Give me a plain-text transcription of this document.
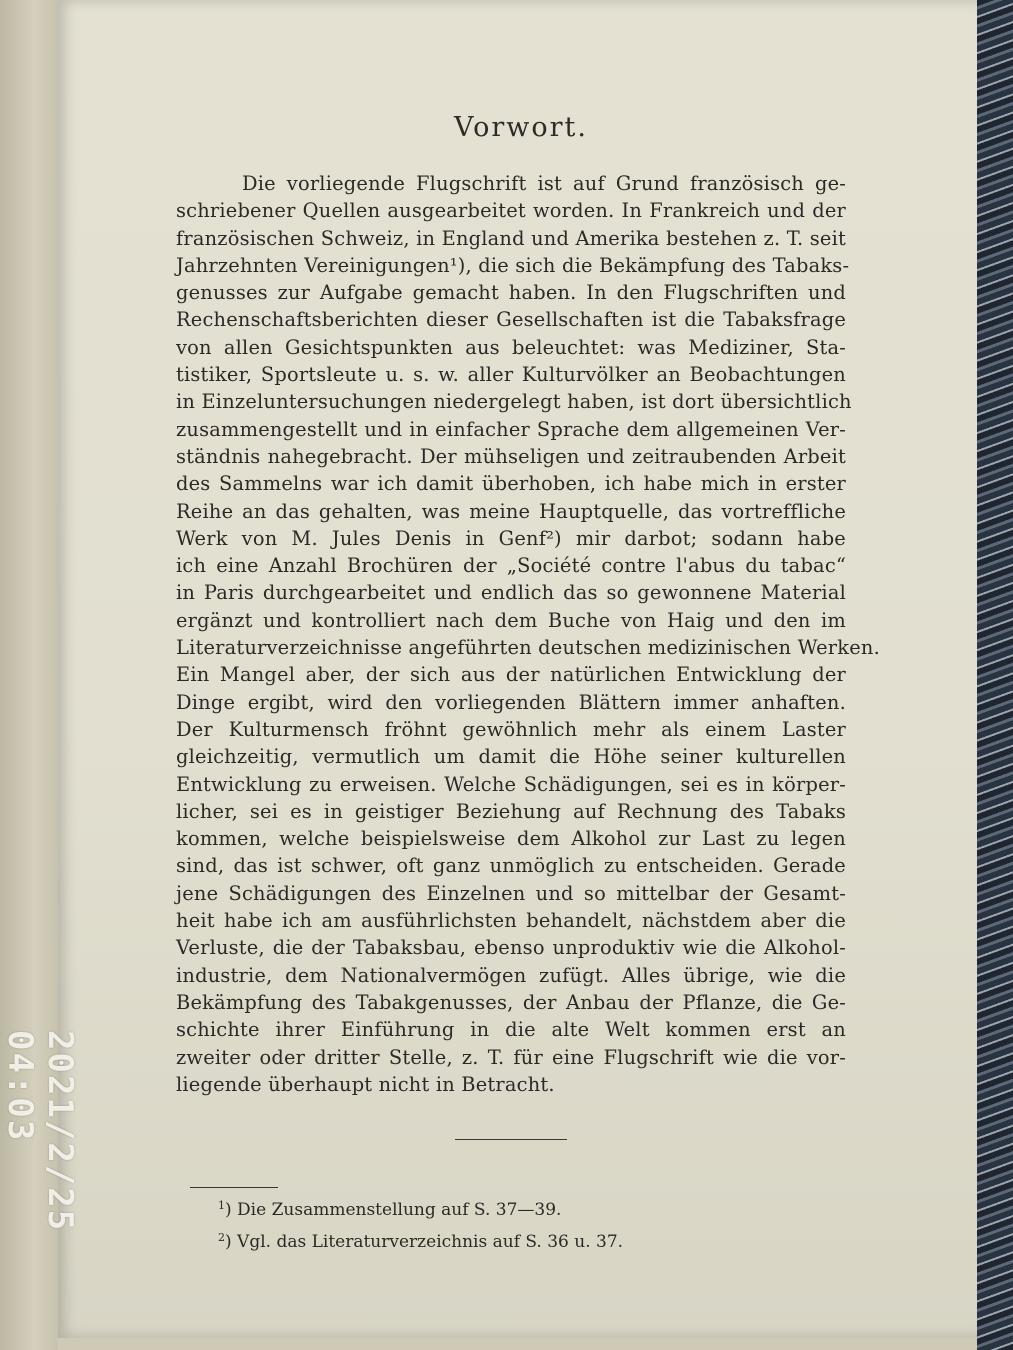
Vorwort.
Die vorliegende Flugschrift ist auf Grund französisch ge-
schriebener Quellen ausgearbeitet worden. In Frankreich und der
französischen Schweiz, in England und Amerika bestehen z. T. seit
Jahrzehnten Vereinigungen¹), die sich die Bekämpfung des Tabaks-
genusses zur Aufgabe gemacht haben. In den Flugschriften und
Rechenschaftsberichten dieser Gesellschaften ist die Tabaksfrage
von allen Gesichtspunkten aus beleuchtet: was Mediziner, Sta-
tistiker, Sportsleute u. s. w. aller Kulturvölker an Beobachtungen
in Einzeluntersuchungen niedergelegt haben, ist dort übersichtlich
zusammengestellt und in einfacher Sprache dem allgemeinen Ver-
ständnis nahegebracht. Der mühseligen und zeitraubenden Arbeit
des Sammelns war ich damit überhoben, ich habe mich in erster
Reihe an das gehalten, was meine Hauptquelle, das vortreffliche
Werk von M. Jules Denis in Genf²) mir darbot; sodann habe
ich eine Anzahl Brochüren der „Société contre l'abus du tabac“
in Paris durchgearbeitet und endlich das so gewonnene Material
ergänzt und kontrolliert nach dem Buche von Haig und den im
Literaturverzeichnisse angeführten deutschen medizinischen Werken.
Ein Mangel aber, der sich aus der natürlichen Entwicklung der
Dinge ergibt, wird den vorliegenden Blättern immer anhaften.
Der Kulturmensch fröhnt gewöhnlich mehr als einem Laster
gleichzeitig, vermutlich um damit die Höhe seiner kulturellen
Entwicklung zu erweisen. Welche Schädigungen, sei es in körper-
licher, sei es in geistiger Beziehung auf Rechnung des Tabaks
kommen, welche beispielsweise dem Alkohol zur Last zu legen
sind, das ist schwer, oft ganz unmöglich zu entscheiden. Gerade
jene Schädigungen des Einzelnen und so mittelbar der Gesamt-
heit habe ich am ausführlichsten behandelt, nächstdem aber die
Verluste, die der Tabaksbau, ebenso unproduktiv wie die Alkohol-
industrie, dem Nationalvermögen zufügt. Alles übrige, wie die
Bekämpfung des Tabakgenusses, der Anbau der Pflanze, die Ge-
schichte ihrer Einführung in die alte Welt kommen erst an
zweiter oder dritter Stelle, z. T. für eine Flugschrift wie die vor-
liegende überhaupt nicht in Betracht.
$^1$) Die Zusammenstellung auf S. 37—39.
$^2$) Vgl. das Literaturverzeichnis auf S. 36 u. 37.
2021/2/25 04:03
